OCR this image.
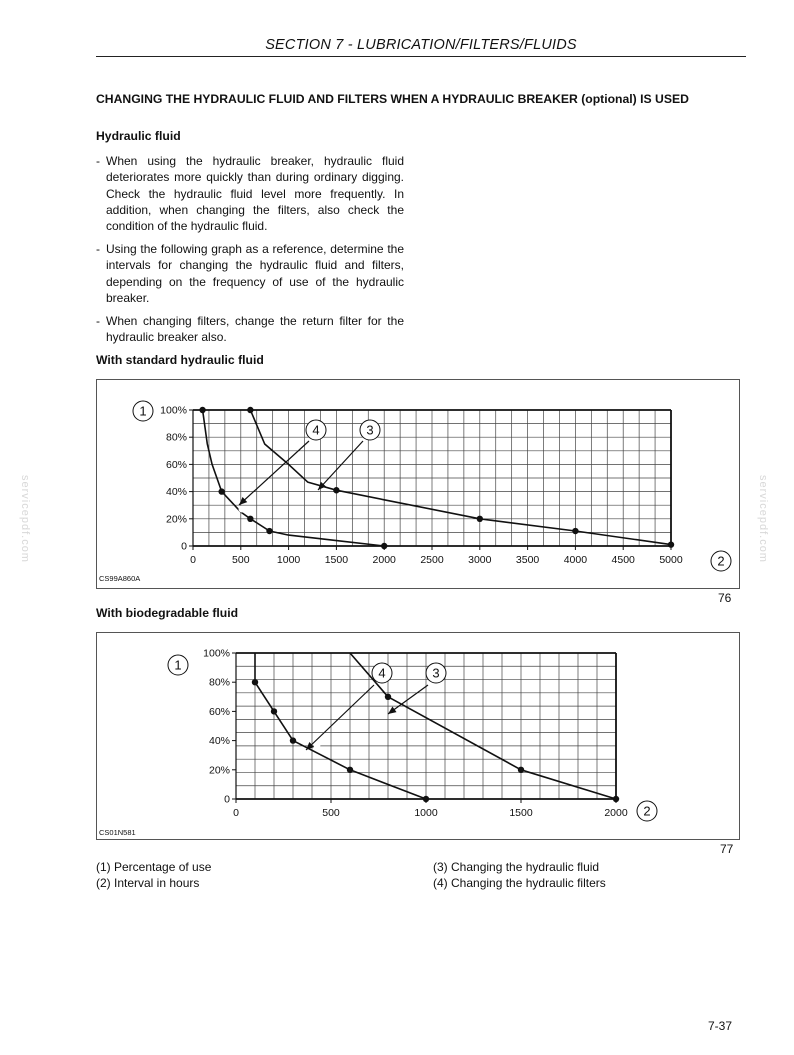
SECTION 7 - LUBRICATION/FILTERS/FLUIDS
CHANGING THE HYDRAULIC FLUID AND FILTERS WHEN A HYDRAULIC BREAKER (optional) IS USED
Hydraulic fluid
- When using the hydraulic breaker, hydraulic fluid deteriorates more quickly than during ordinary digging. Check the hydraulic fluid level more frequently. In addition, when changing the filters, also check the condition of the hydraulic fluid.
- Using the following graph as a reference, determine the intervals for changing the hydraulic fluid and filters, depending on the frequency of use of the hydraulic breaker.
- When changing filters, change the return filter for the hydraulic breaker also.
With standard hydraulic fluid
0	500	1000 1500 2000 2500 3000 3500 4000 4500 5000
0
20%
40%
60%
80%
100%
1
2
3
4
CS99A860A
76
With biodegradable fluid
0	500	1000	1500	2000
0
20%
40%
60%
80%
100%
1
2
3
4
CS01N581
77
(1) Percentage of use
(2) Interval in hours
(3) Changing the hydraulic fluid
(4) Changing the hydraulic filters
servicepdf.com	servicepdf.com
7-37
